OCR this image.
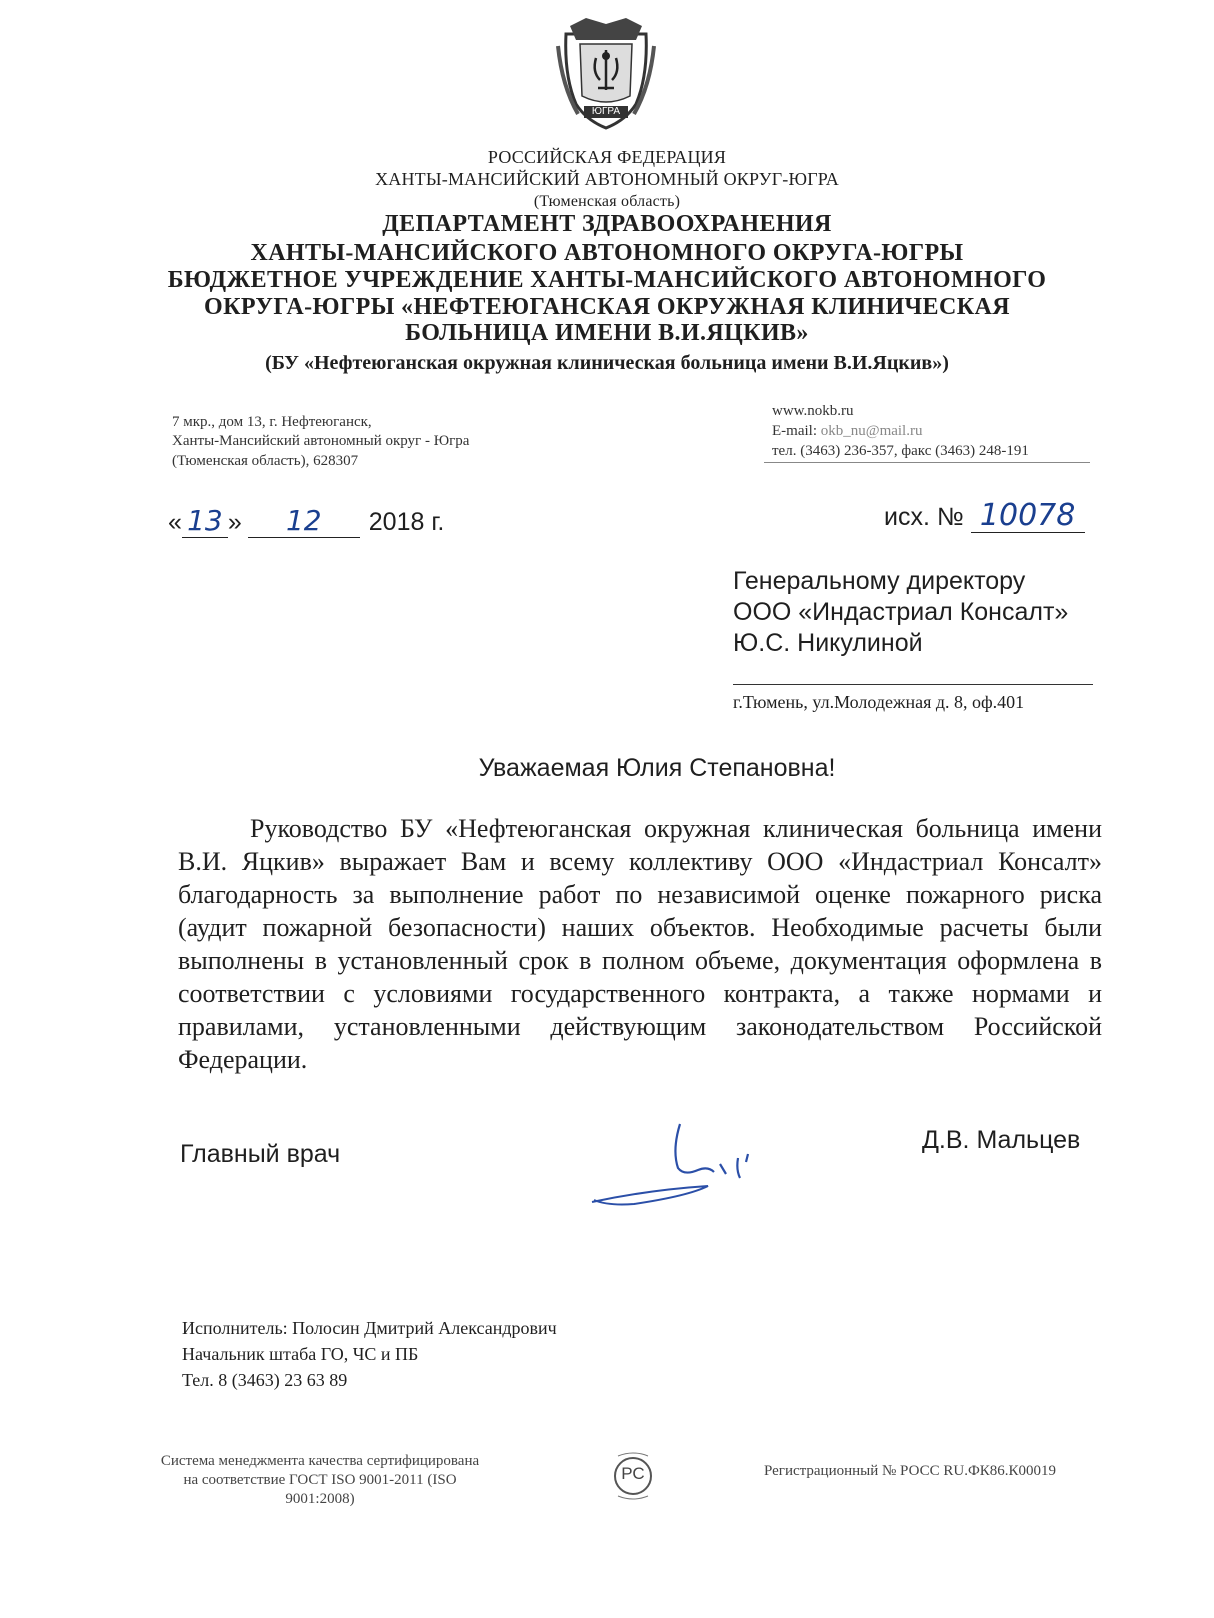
ЮГРА
РОССИЙСКАЯ ФЕДЕРАЦИЯ
ХАНТЫ-МАНСИЙСКИЙ АВТОНОМНЫЙ ОКРУГ-ЮГРА
(Тюменская область)
ДЕПАРТАМЕНТ ЗДРАВООХРАНЕНИЯ
ХАНТЫ-МАНСИЙСКОГО АВТОНОМНОГО ОКРУГА-ЮГРЫ
БЮДЖЕТНОЕ УЧРЕЖДЕНИЕ ХАНТЫ-МАНСИЙСКОГО АВТОНОМНОГО
ОКРУГА-ЮГРЫ «НЕФТЕЮГАНСКАЯ ОКРУЖНАЯ КЛИНИЧЕСКАЯ
БОЛЬНИЦА ИМЕНИ В.И.ЯЦКИВ»
(БУ «Нефтеюганская окружная клиническая больница имени В.И.Яцкив»)
7 мкр., дом 13, г. Нефтеюганск,
Ханты-Мансийский автономный округ - Югра
(Тюменская область), 628307
www.nokb.ru
E-mail: okb_nu@mail.ru
тел. (3463) 236-357, факс (3463) 248-191
« 13 » 12 2018 г.	исх. № 10078
Генеральному директору
ООО «Индастриал Консалт»
Ю.С. Никулиной
г.Тюмень, ул.Молодежная д. 8, оф.401
Уважаемая Юлия Степановна!
Руководство БУ «Нефтеюганская окружная клиническая больница имени В.И. Яцкив» выражает Вам и всему коллективу ООО «Индастриал Консалт» благодарность за выполнение работ по независимой оценке пожарного риска (аудит пожарной безопасности) наших объектов. Необходимые расчеты были выполнены в установленный срок в полном объеме, документация оформлена в соответствии с условиями государственного контракта, а также нормами и правилами, установленными действующим законодательством Российской Федерации.
Главный врач	Д.В. Мальцев
Исполнитель: Полосин Дмитрий Александрович
Начальник штаба ГО, ЧС и ПБ
Тел. 8 (3463) 23 63 89
Система менеджмента качества сертифицирована
на соответствие ГОСТ ISO 9001-2011 (ISO
9001:2008)
РС	Регистрационный № РОСС RU.ФК86.К00019
